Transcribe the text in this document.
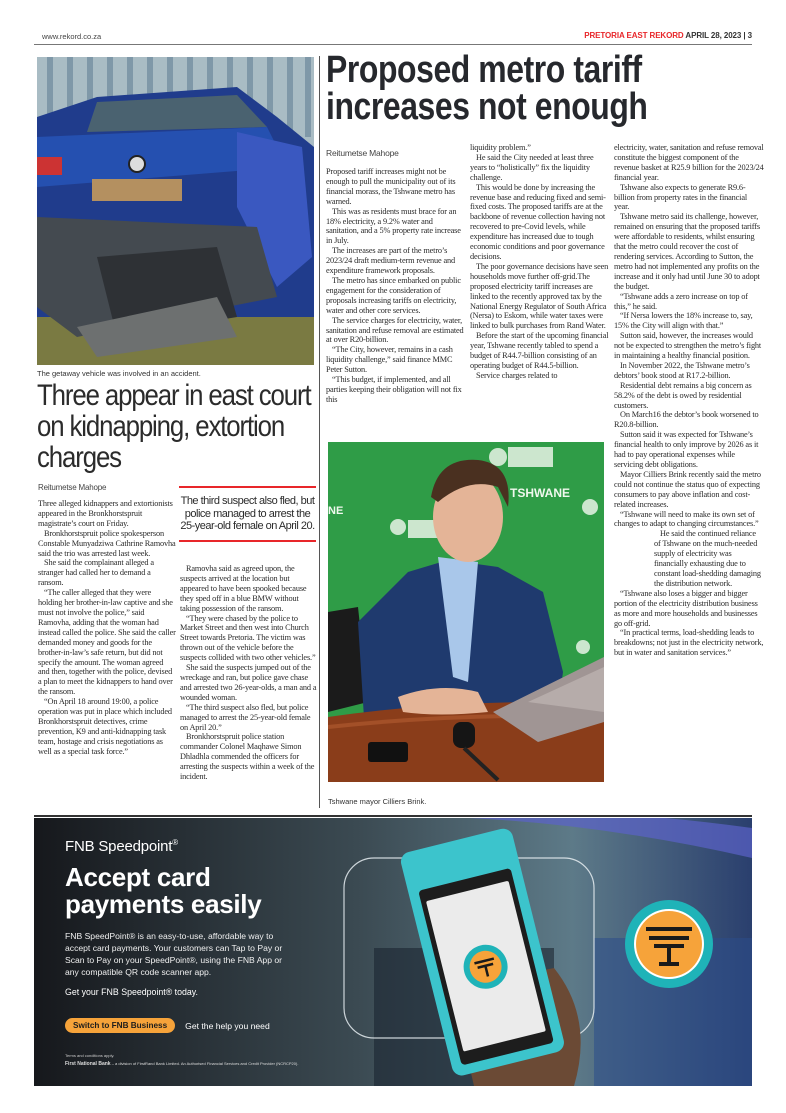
www.rekord.co.za	PRETORIA EAST REKORD APRIL 28, 2023 | 3
The getaway vehicle was involved in an accident.
Three appear in east court on kidnapping, extortion charges
Reitumetse Mahope

Three alleged kidnappers and extortionists appeared in the Bronkhorstspruit magistrate’s court on Friday.

Bronkhorstspruit police spokesperson Constable Munyadziwa Cathrine Ramovha said the trio was arrested last week.

She said the complainant alleged a stranger had called her to demand a ransom.

“The caller alleged that they were holding her brother-in-law captive and she must not involve the police,” said Ramovha, adding that the woman had instead called the police. She said the caller demanded money and goods for the brother-in-law’s safe return, but did not specify the amount. The woman agreed and then, together with the police, devised a plan to meet the kidnappers to hand over the ransom.

“On April 18 around 19:00, a police operation was put in place which included Bronkhorstspruit detectives, crime prevention, K9 and anti-kidnapping task team, hostage and crisis negotiations as well as a special task force.”

The third suspect also fled, but police managed to arrest the 25-year-old female on April 20.

Ramovha said as agreed upon, the suspects arrived at the location but appeared to have been spooked because they sped off in a blue BMW without taking possession of the ransom.

“They were chased by the police to Market Street and then west into Church Street towards Pretoria. The victim was thrown out of the vehicle before the suspects collided with two other vehicles.”

She said the suspects jumped out of the wreckage and ran, but police gave chase and arrested two 26-year-olds, a man and a wounded woman.

“The third suspect also fled, but police managed to arrest the 25-year-old female on April 20.”

Bronkhorstspruit police station commander Colonel Maqhawe Simon Dhladhla commended the officers for arresting the suspects within a week of the incident.

Proposed metro tariff increases not enough
Reitumetse Mahope

Proposed tariff increases might not be enough to pull the municipality out of its financial morass, the Tshwane metro has warned.

This was as residents must brace for an 18% electricity, a 9.2% water and sanitation, and a 5% property rate increase in July.

The increases are part of the metro’s 2023/24 draft medium-term revenue and expenditure framework proposals.

The metro has since embarked on public engagement for the consideration of proposals increasing tariffs on electricity, water and other core services.

The service charges for electricity, water, sanitation and refuse removal are estimated at over R20-billion.

“The City, however, remains in a cash liquidity challenge,” said finance MMC Peter Sutton.

“This budget, if implemented, and all parties keeping their obligation will not fix this

liquidity problem.”

He said the City needed at least three years to “holistically” fix the liquidity challenge.

This would be done by increasing the revenue base and reducing fixed and semi-fixed costs. The proposed tariffs are at the backbone of revenue collection having not recovered to pre-Covid levels, while expenditure has increased due to tough economic conditions and poor governance decisions.

The poor governance decisions have seen households move further off-grid.The proposed electricity tariff increases are linked to the recently approved tax by the National Energy Regulator of South Africa (Nersa) to Eskom, while water taxes were linked to bulk purchases from Rand Water.

Before the start of the upcoming financial year, Tshwane recently tabled to spend a budget of R44.7-billion consisting of an operating budget of R44.5-billion.

Service charges related to

electricity, water, sanitation and refuse removal constitute the biggest component of the revenue basket at R25.9 billion for the 2023/24 financial year.

Tshwane also expects to generate R9.6-billion from property rates in the financial year.

Tshwane metro said its challenge, however, remained on ensuring that the proposed tariffs were affordable to residents, whilst ensuring that the metro could recover the cost of rendering services. According to Sutton, the metro had not implemented any profits on the increase and it only had until June 30 to adopt the budget.

“Tshwane adds a zero increase on top of this,” he said.

“If Nersa lowers the 18% increase to, say, 15% the City will align with that.”

Sutton said, however, the increases would not be expected to strengthen the metro’s fight in maintaining a healthy financial position.

In November 2022, the Tshwane metro’s debtors’ book stood at R17.2-billion.

Residential debt remains a big concern as 58.2% of the debt is owed by residential customers.

On March16 the debtor’s book worsened to R20.8-billion.

Sutton said it was expected for Tshwane’s financial health to only improve by 2026 as it had to pay operational expenses while servicing debt obligations.

Mayor Cilliers Brink recently said the metro could not continue the status quo of expecting consumers to pay above inflation and cost-related increases.

“Tshwane will need to make its own set of changes to adapt to changing circumstances.”

He said the continued reliance of Tshwane on the much-needed supply of electricity was financially exhausting due to constant load-shedding damaging the distribution network.

“Tshwane also loses a bigger and bigger portion of the electricity distribution business as more and more households and businesses go off-grid.

“In practical terms, load-shedding leads to breakdowns; not just in the electricity network, but in water and sanitation services.”

TSHWANE
NE
Tshwane mayor Cilliers Brink.
FNB Speedpoint®
Accept card
payments easily
FNB SpeedPoint® is an easy-to-use, affordable way to accept card payments. Your customers can Tap to Pay or Scan to Pay on your SpeedPoint®, using the FNB App or any compatible QR code scanner app.
Get your FNB Speedpoint® today.
Switch to FNB Business	Get the help you need
Terms and conditions apply.
First National Bank – a division of FirstRand Bank Limited. An Authorised Financial Services and Credit Provider (NCRCP20).
